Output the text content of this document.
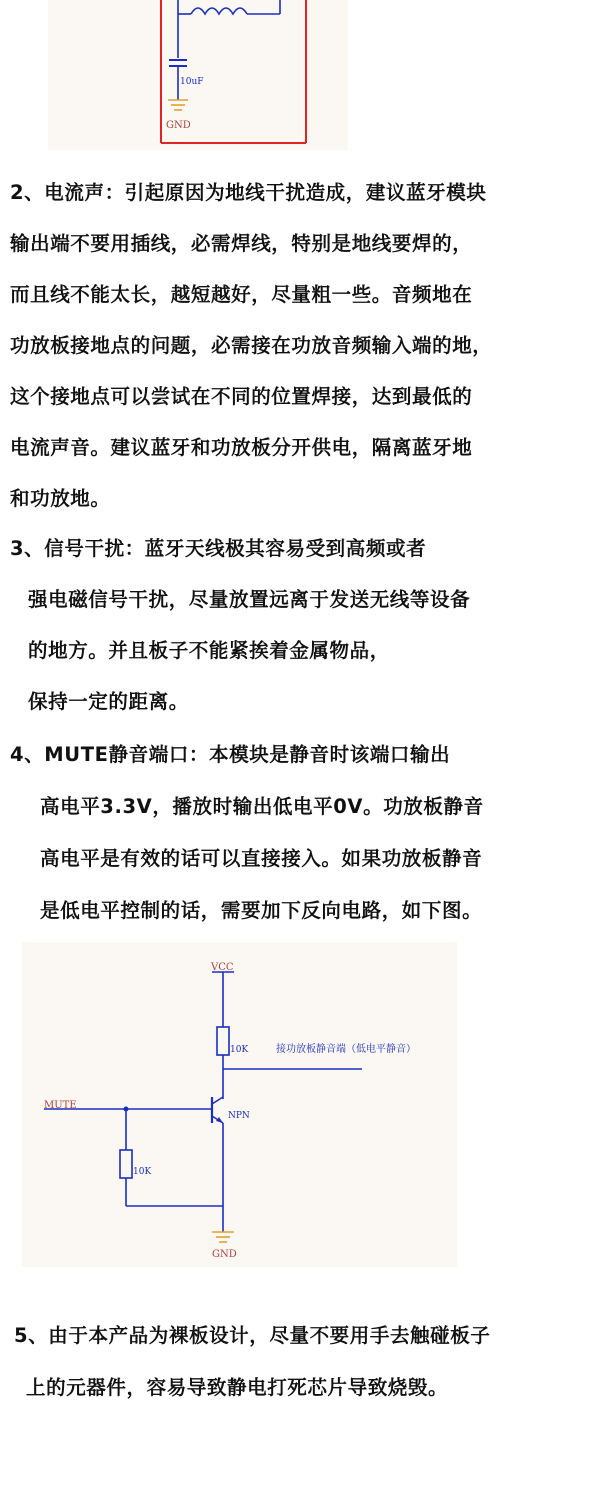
10uF
GND
2、电流声：引起原因为地线干扰造成，建议蓝牙模块
输出端不要用插线，必需焊线，特别是地线要焊的，
而且线不能太长，越短越好，尽量粗一些。音频地在
功放板接地点的问题，必需接在功放音频输入端的地，
这个接地点可以尝试在不同的位置焊接，达到最低的
电流声音。建议蓝牙和功放板分开供电，隔离蓝牙地
和功放地。
3、信号干扰：蓝牙天线极其容易受到高频或者
强电磁信号干扰，尽量放置远离于发送无线等设备
的地方。并且板子不能紧挨着金属物品，
保持一定的距离。
4、MUTE静音端口：本模块是静音时该端口输出
高电平3.3V，播放时输出低电平0V。功放板静音
高电平是有效的话可以直接接入。如果功放板静音
是低电平控制的话，需要加下反向电路，如下图。
VCC
10K	接功放板静音端（低电平静音）
MUTE
NPN
10K
GND
5、由于本产品为裸板设计，尽量不要用手去触碰板子
上的元器件，容易导致静电打死芯片导致烧毁。
